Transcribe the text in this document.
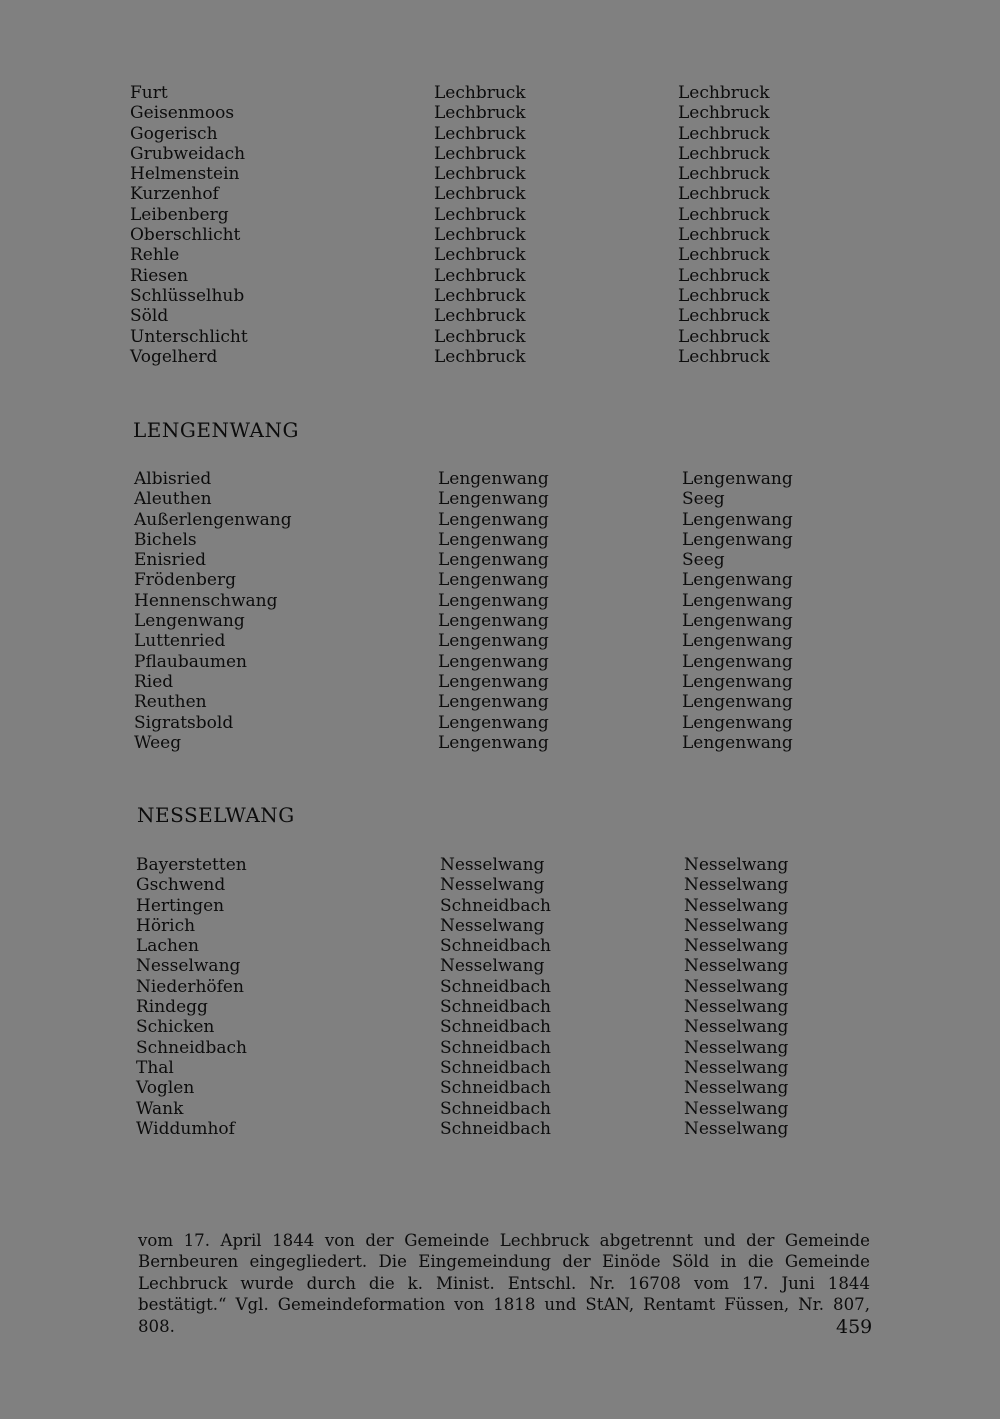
Furt	Lechbruck	Lechbruck
Geisenmoos	Lechbruck	Lechbruck
Gogerisch	Lechbruck	Lechbruck
Grubweidach	Lechbruck	Lechbruck
Helmenstein	Lechbruck	Lechbruck
Kurzenhof	Lechbruck	Lechbruck
Leibenberg	Lechbruck	Lechbruck
Oberschlicht	Lechbruck	Lechbruck
Rehle	Lechbruck	Lechbruck
Riesen	Lechbruck	Lechbruck
Schlüsselhub	Lechbruck	Lechbruck
Söld	Lechbruck	Lechbruck
Unterschlicht	Lechbruck	Lechbruck
Vogelherd	Lechbruck	Lechbruck
LENGENWANG
Albisried	Lengenwang	Lengenwang
Aleuthen	Lengenwang	Seeg
Außerlengenwang	Lengenwang	Lengenwang
Bichels	Lengenwang	Lengenwang
Enisried	Lengenwang	Seeg
Frödenberg	Lengenwang	Lengenwang
Hennenschwang	Lengenwang	Lengenwang
Lengenwang	Lengenwang	Lengenwang
Luttenried	Lengenwang	Lengenwang
Pflaubaumen	Lengenwang	Lengenwang
Ried	Lengenwang	Lengenwang
Reuthen	Lengenwang	Lengenwang
Sigratsbold	Lengenwang	Lengenwang
Weeg	Lengenwang	Lengenwang
NESSELWANG
Bayerstetten	Nesselwang	Nesselwang
Gschwend	Nesselwang	Nesselwang
Hertingen	Schneidbach	Nesselwang
Hörich	Nesselwang	Nesselwang
Lachen	Schneidbach	Nesselwang
Nesselwang	Nesselwang	Nesselwang
Niederhöfen	Schneidbach	Nesselwang
Rindegg	Schneidbach	Nesselwang
Schicken	Schneidbach	Nesselwang
Schneidbach	Schneidbach	Nesselwang
Thal	Schneidbach	Nesselwang
Voglen	Schneidbach	Nesselwang
Wank	Schneidbach	Nesselwang
Widdumhof	Schneidbach	Nesselwang

vom 17. April 1844 von der Gemeinde Lechbruck abgetrennt und der Gemeinde Bernbeuren eingegliedert. Die Eingemeindung der Einöde Söld in die Gemeinde Lechbruck wurde durch die k. Minist. Entschl. Nr. 16708 vom 17. Juni 1844 bestätigt.“ Vgl. Gemeindeformation von 1818 und StAN, Rentamt Füssen, Nr. 807, 808.	459
